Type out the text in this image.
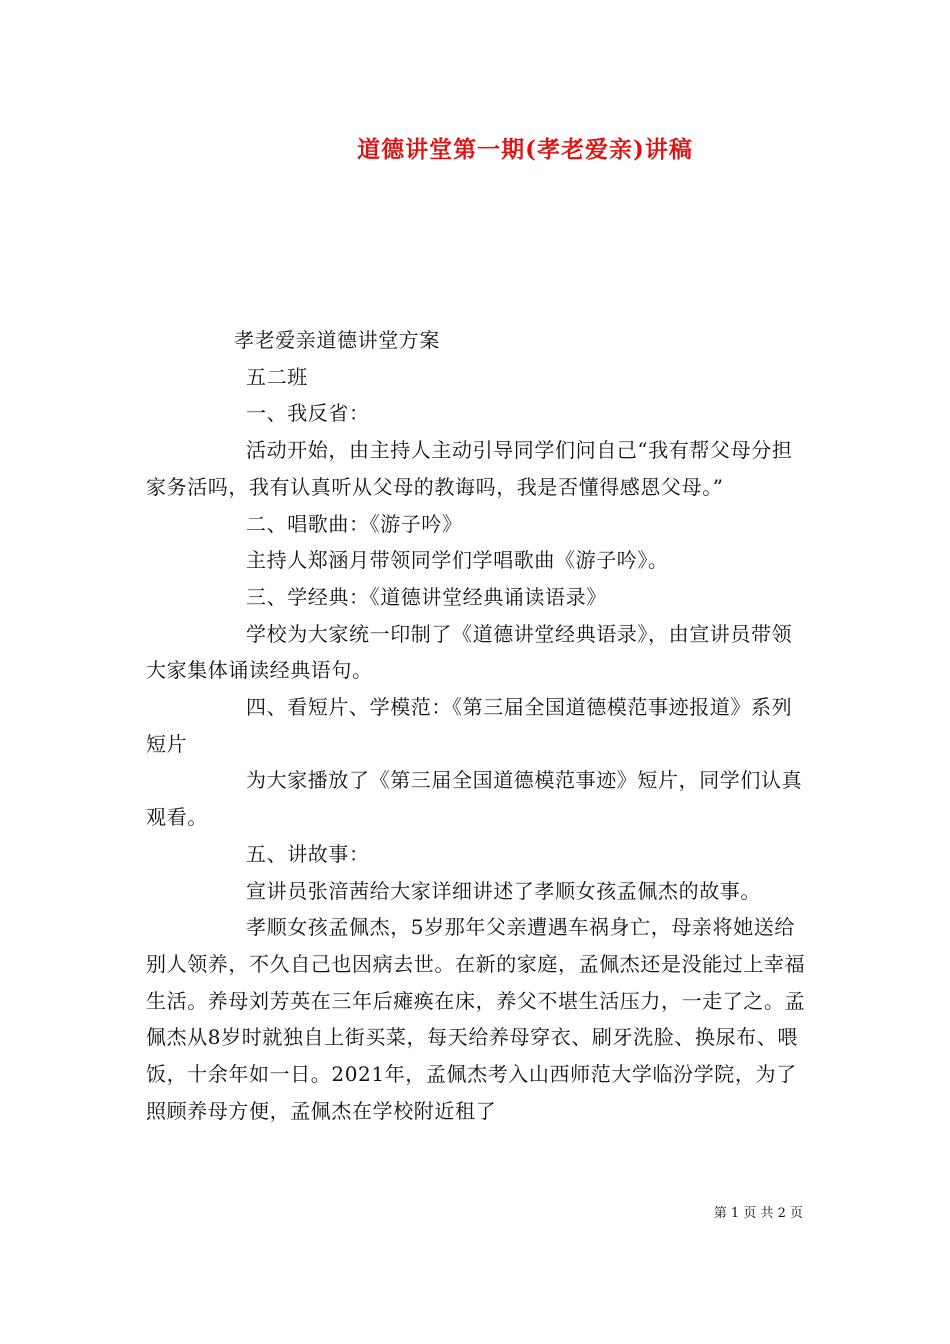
道德讲堂第一期(孝老爱亲)讲稿

孝老爱亲道德讲堂方案

五二班

一、我反省：

活动开始，由主持人主动引导同学们问自己“我有帮父母分担家务活吗，我有认真听从父母的教诲吗，我是否懂得感恩父母。”

二、唱歌曲：《游子吟》

主持人郑涵月带领同学们学唱歌曲《游子吟》。

三、学经典：《道德讲堂经典诵读语录》

学校为大家统一印制了《道德讲堂经典语录》，由宣讲员带领大家集体诵读经典语句。

四、看短片、学模范：《第三届全国道德模范事迹报道》系列短片

为大家播放了《第三届全国道德模范事迹》短片，同学们认真观看。

五、讲故事：

宣讲员张湆茜给大家详细讲述了孝顺女孩孟佩杰的故事。

孝顺女孩孟佩杰，5岁那年父亲遭遇车祸身亡，母亲将她送给别人领养，不久自己也因病去世。在新的家庭，孟佩杰还是没能过上幸福生活。养母刘芳英在三年后瘫痪在床，养父不堪生活压力，一走了之。孟佩杰从8岁时就独自上街买菜，每天给养母穿衣、刷牙洗脸、换尿布、喂饭，十余年如一日。2021年，孟佩杰考入山西师范大学临汾学院，为了照顾养母方便，孟佩杰在学校附近租了

第 1 页 共 2 页
